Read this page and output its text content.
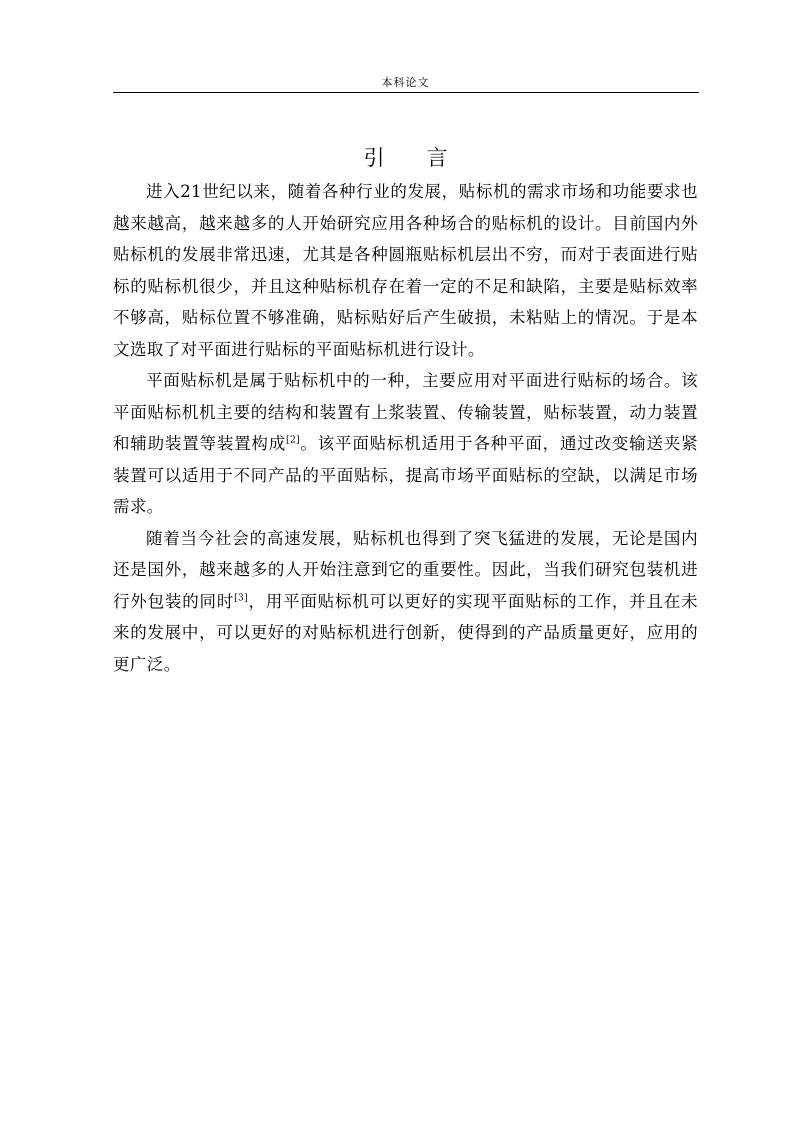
本科论文
引 言

进入21世纪以来，随着各种行业的发展，贴标机的需求市场和功能要求也越来越高，越来越多的人开始研究应用各种场合的贴标机的设计。目前国内外贴标机的发展非常迅速，尤其是各种圆瓶贴标机层出不穷，而对于表面进行贴标的贴标机很少，并且这种贴标机存在着一定的不足和缺陷，主要是贴标效率不够高，贴标位置不够准确，贴标贴好后产生破损，未粘贴上的情况。于是本文选取了对平面进行贴标的平面贴标机进行设计。

平面贴标机是属于贴标机中的一种，主要应用对平面进行贴标的场合。该平面贴标机机主要的结构和装置有上浆装置、传输装置，贴标装置，动力装置和辅助装置等装置构成[2]。该平面贴标机适用于各种平面，通过改变输送夹紧装置可以适用于不同产品的平面贴标，提高市场平面贴标的空缺，以满足市场需求。

随着当今社会的高速发展，贴标机也得到了突飞猛进的发展，无论是国内还是国外，越来越多的人开始注意到它的重要性。因此，当我们研究包装机进行外包装的同时[3]，用平面贴标机可以更好的实现平面贴标的工作，并且在未来的发展中，可以更好的对贴标机进行创新，使得到的产品质量更好，应用的更广泛。
